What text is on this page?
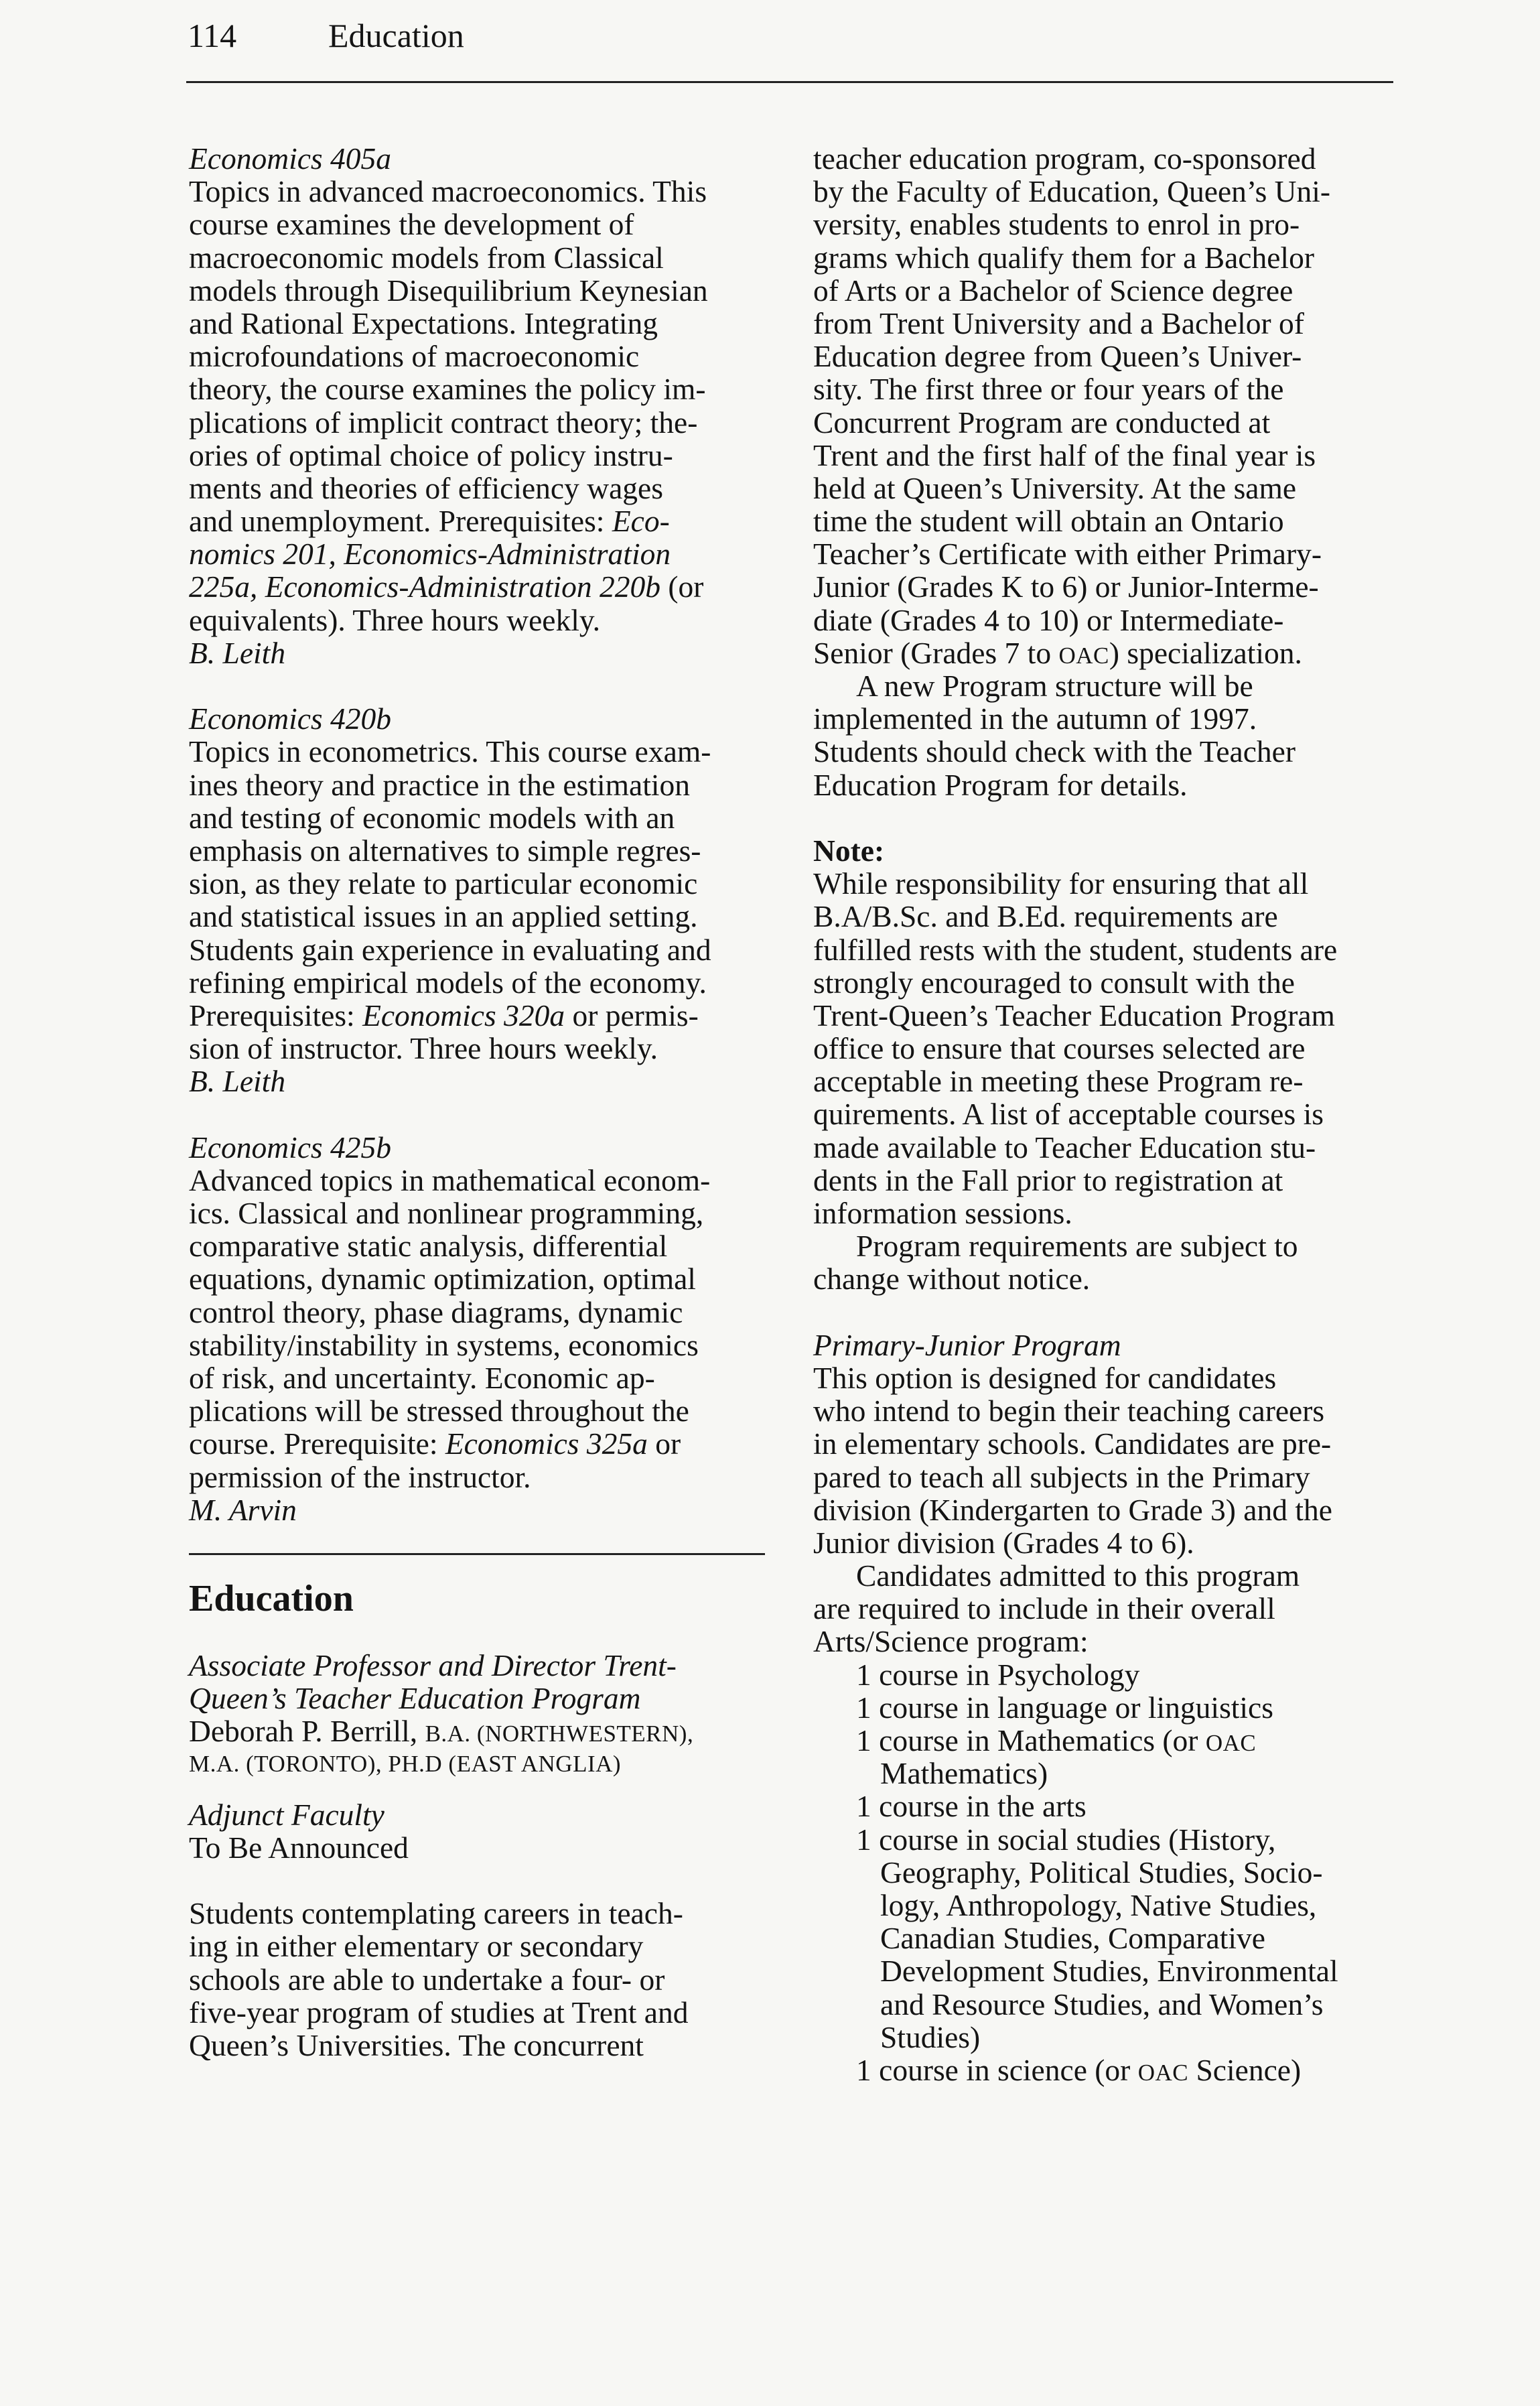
114	Education
Economics 405a
Topics in advanced macroeconomics. This
course examines the development of
macroeconomic models from Classical
models through Disequilibrium Keynesian
and Rational Expectations. Integrating
microfoundations of macroeconomic
theory, the course examines the policy im-
plications of implicit contract theory; the-
ories of optimal choice of policy instru-
ments and theories of efficiency wages
and unemployment. Prerequisites: Eco-
nomics 201, Economics-Administration
225a, Economics-Administration 220b (or
equivalents). Three hours weekly.
B. Leith
Economics 420b
Topics in econometrics. This course exam-
ines theory and practice in the estimation
and testing of economic models with an
emphasis on alternatives to simple regres-
sion, as they relate to particular economic
and statistical issues in an applied setting.
Students gain experience in evaluating and
refining empirical models of the economy.
Prerequisites: Economics 320a or permis-
sion of instructor. Three hours weekly.
B. Leith
Economics 425b
Advanced topics in mathematical econom-
ics. Classical and nonlinear programming,
comparative static analysis, differential
equations, dynamic optimization, optimal
control theory, phase diagrams, dynamic
stability/instability in systems, economics
of risk, and uncertainty. Economic ap-
plications will be stressed throughout the
course. Prerequisite: Economics 325a or
permission of the instructor.
M. Arvin
Education
Associate Professor and Director Trent-
Queen’s Teacher Education Program
Deborah P. Berrill, B.A. (NORTHWESTERN),
M.A. (TORONTO), PH.D (EAST ANGLIA)
Adjunct Faculty
To Be Announced
Students contemplating careers in teach-
ing in either elementary or secondary
schools are able to undertake a four- or
five-year program of studies at Trent and
Queen’s Universities. The concurrent
teacher education program, co-sponsored
by the Faculty of Education, Queen’s Uni-
versity, enables students to enrol in pro-
grams which qualify them for a Bachelor
of Arts or a Bachelor of Science degree
from Trent University and a Bachelor of
Education degree from Queen’s Univer-
sity. The first three or four years of the
Concurrent Program are conducted at
Trent and the first half of the final year is
held at Queen’s University. At the same
time the student will obtain an Ontario
Teacher’s Certificate with either Primary-
Junior (Grades K to 6) or Junior-Interme-
diate (Grades 4 to 10) or Intermediate-
Senior (Grades 7 to OAC) specialization.
A new Program structure will be
implemented in the autumn of 1997.
Students should check with the Teacher
Education Program for details.
Note:
While responsibility for ensuring that all
B.A/B.Sc. and B.Ed. requirements are
fulfilled rests with the student, students are
strongly encouraged to consult with the
Trent-Queen’s Teacher Education Program
office to ensure that courses selected are
acceptable in meeting these Program re-
quirements. A list of acceptable courses is
made available to Teacher Education stu-
dents in the Fall prior to registration at
information sessions.
Program requirements are subject to
change without notice.
Primary-Junior Program
This option is designed for candidates
who intend to begin their teaching careers
in elementary schools. Candidates are pre-
pared to teach all subjects in the Primary
division (Kindergarten to Grade 3) and the
Junior division (Grades 4 to 6).
Candidates admitted to this program
are required to include in their overall
Arts/Science program:
1 course in Psychology
1 course in language or linguistics
1 course in Mathematics (or OAC
Mathematics)
1 course in the arts
1 course in social studies (History,
Geography, Political Studies, Socio-
logy, Anthropology, Native Studies,
Canadian Studies, Comparative
Development Studies, Environmental
and Resource Studies, and Women’s
Studies)
1 course in science (or OAC Science)
